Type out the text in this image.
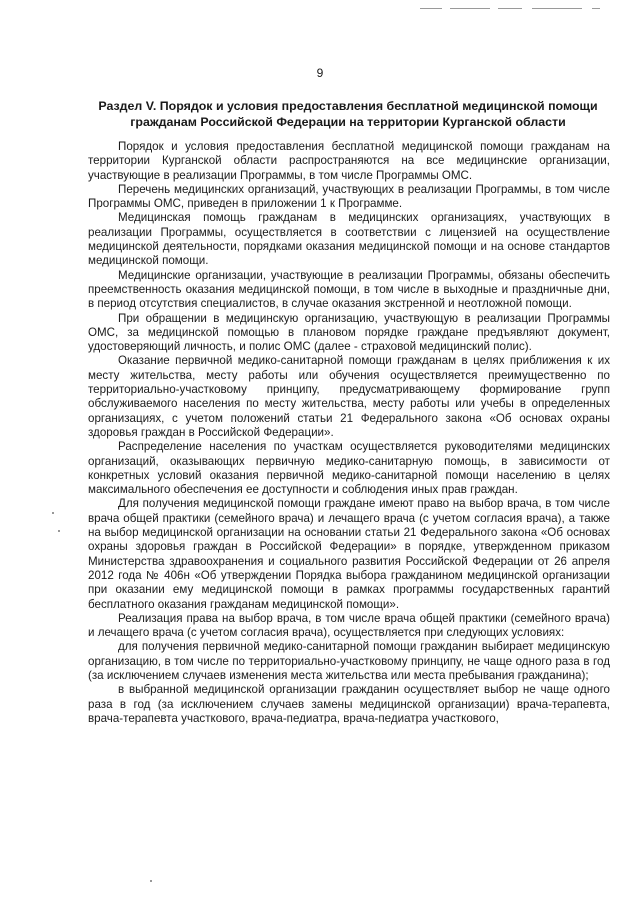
9
Раздел V. Порядок и условия предоставления бесплатной медицинской помощи гражданам Российской Федерации на территории Курганской области

Порядок и условия предоставления бесплатной медицинской помощи гражданам на территории Курганской области распространяются на все медицинские организации, участвующие в реализации Программы, в том числе Программы ОМС.

Перечень медицинских организаций, участвующих в реализации Программы, в том числе Программы ОМС, приведен в приложении 1 к Программе.

Медицинская помощь гражданам в медицинских организациях, участвующих в реализации Программы, осуществляется в соответствии с лицензией на осуществление медицинской деятельности, порядками оказания медицинской помощи и на основе стандартов медицинской помощи.

Медицинские организации, участвующие в реализации Программы, обязаны обеспечить преемственность оказания медицинской помощи, в том числе в выходные и праздничные дни, в период отсутствия специалистов, в случае оказания экстренной и неотложной помощи.

При обращении в медицинскую организацию, участвующую в реализации Программы ОМС, за медицинской помощью в плановом порядке граждане предъявляют документ, удостоверяющий личность, и полис ОМС (далее - страховой медицинский полис).

Оказание первичной медико-санитарной помощи гражданам в целях приближения к их месту жительства, месту работы или обучения осуществляется преимущественно по территориально-участковому принципу, предусматривающему формирование групп обслуживаемого населения по месту жительства, месту работы или учебы в определенных организациях, с учетом положений статьи 21 Федерального закона «Об основах охраны здоровья граждан в Российской Федерации».

Распределение населения по участкам осуществляется руководителями медицинских организаций, оказывающих первичную медико-санитарную помощь, в зависимости от конкретных условий оказания первичной медико-санитарной помощи населению в целях максимального обеспечения ее доступности и соблюдения иных прав граждан.

Для получения медицинской помощи граждане имеют право на выбор врача, в том числе врача общей практики (семейного врача) и лечащего врача (с учетом согласия врача), а также на выбор медицинской организации на основании статьи 21 Федерального закона «Об основах охраны здоровья граждан в Российской Федерации» в порядке, утвержденном приказом Министерства здравоохранения и социального развития Российской Федерации от 26 апреля 2012 года № 406н «Об утверждении Порядка выбора гражданином медицинской организации при оказании ему медицинской помощи в рамках программы государственных гарантий бесплатного оказания гражданам медицинской помощи».

Реализация права на выбор врача, в том числе врача общей практики (семейного врача) и лечащего врача (с учетом согласия врача), осуществляется при следующих условиях:

для получения первичной медико-санитарной помощи гражданин выбирает медицинскую организацию, в том числе по территориально-участковому принципу, не чаще одного раза в год (за исключением случаев изменения места жительства или места пребывания гражданина);

в выбранной медицинской организации гражданин осуществляет выбор не чаще одного раза в год (за исключением случаев замены медицинской организации) врача-терапевта, врача-терапевта участкового, врача-педиатра, врача-педиатра участкового,
